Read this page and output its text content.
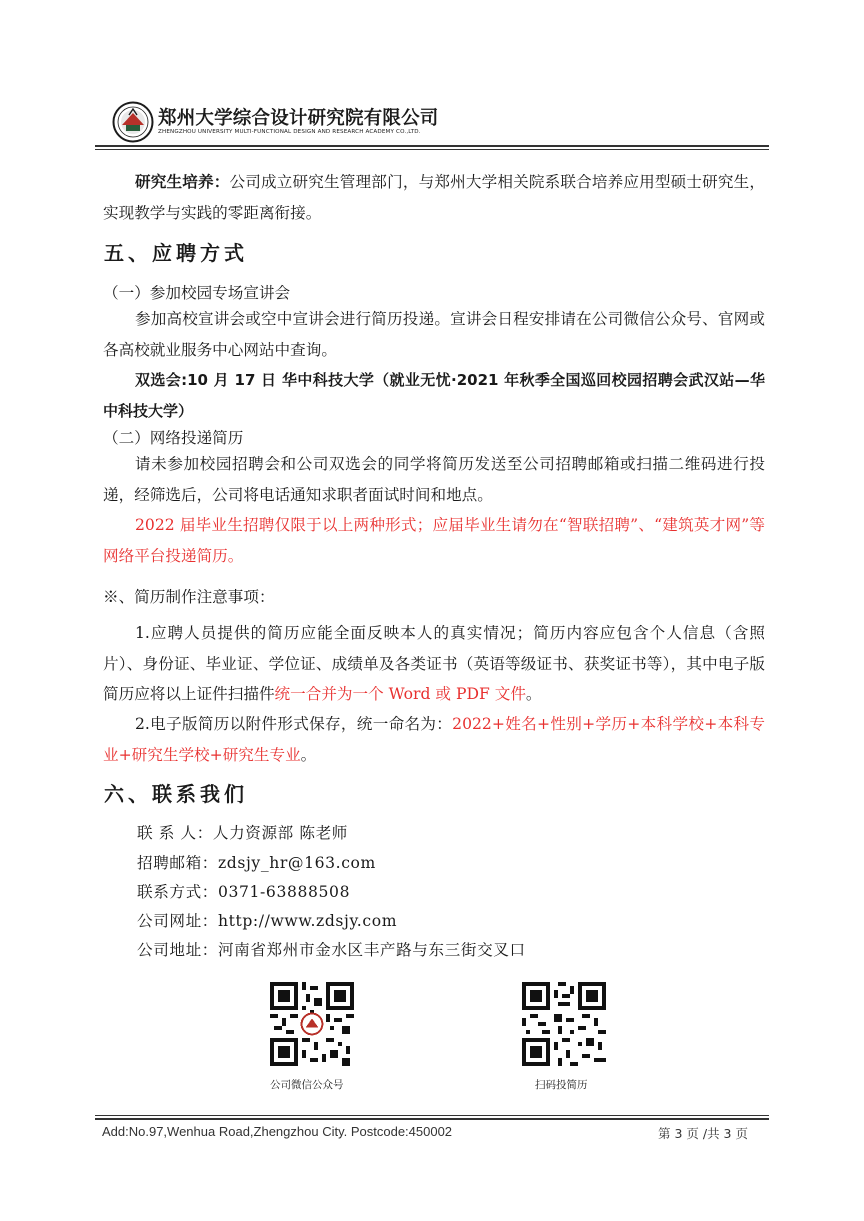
郑州大学综合设计研究院有限公司
ZHENGZHOU UNIVERSITY MULTI-FUNCTIONAL DESIGN AND RESEARCH ACADEMY CO.,LTD.
研究生培养：公司成立研究生管理部门，与郑州大学相关院系联合培养应用型硕士研究生，实现教学与实践的零距离衔接。
五、应聘方式
（一）参加校园专场宣讲会
参加高校宣讲会或空中宣讲会进行简历投递。宣讲会日程安排请在公司微信公众号、官网或各高校就业服务中心网站中查询。
双选会:10 月 17 日 华中科技大学（就业无忧·2021 年秋季全国巡回校园招聘会武汉站—华中科技大学）
（二）网络投递简历
请未参加校园招聘会和公司双选会的同学将简历发送至公司招聘邮箱或扫描二维码进行投递，经筛选后，公司将电话通知求职者面试时间和地点。
2022 届毕业生招聘仅限于以上两种形式；应届毕业生请勿在“智联招聘”、“建筑英才网”等网络平台投递简历。
※、简历制作注意事项：
1.应聘人员提供的简历应能全面反映本人的真实情况；简历内容应包含个人信息（含照片）、身份证、毕业证、学位证、成绩单及各类证书（英语等级证书、获奖证书等），其中电子版简历应将以上证件扫描件统一合并为一个 Word 或 PDF 文件。
2.电子版简历以附件形式保存，统一命名为：2022+姓名+性别+学历+本科学校+本科专业+研究生学校+研究生专业。
六、联系我们
联 系 人：人力资源部 陈老师
招聘邮箱：zdsjy_hr@163.com
联系方式：0371-63888508
公司网址：http://www.zdsjy.com
公司地址：河南省郑州市金水区丰产路与东三街交叉口
公司微信公众号	扫码投简历
Add:No.97,Wenhua Road,Zhengzhou City. Postcode:450002	第 3 页 /共 3 页
